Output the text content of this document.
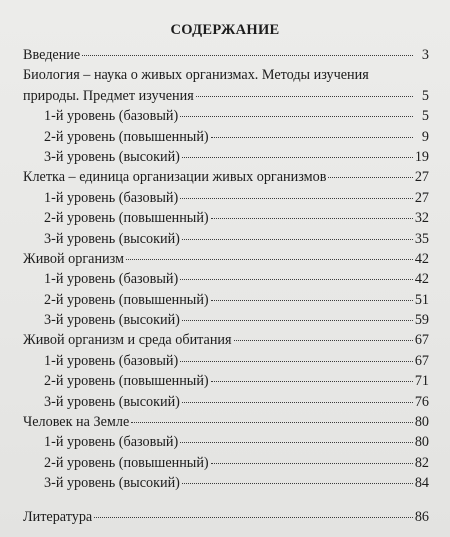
СОДЕРЖАНИЕ
Введение	3
Биология – наука о живых организмах. Методы изучения
природы. Предмет изучения	5
1-й уровень (базовый)	5
2-й уровень (повышенный)	9
3-й уровень (высокий)	19
Клетка – единица организации живых организмов	27
1-й уровень (базовый)	27
2-й уровень (повышенный)	32
3-й уровень (высокий)	35
Живой организм	42
1-й уровень (базовый)	42
2-й уровень (повышенный)	51
3-й уровень (высокий)	59
Живой организм и среда обитания	67
1-й уровень (базовый)	67
2-й уровень (повышенный)	71
3-й уровень (высокий)	76
Человек на Земле	80
1-й уровень (базовый)	80
2-й уровень (повышенный)	82
3-й уровень (высокий)	84
Литература	86
